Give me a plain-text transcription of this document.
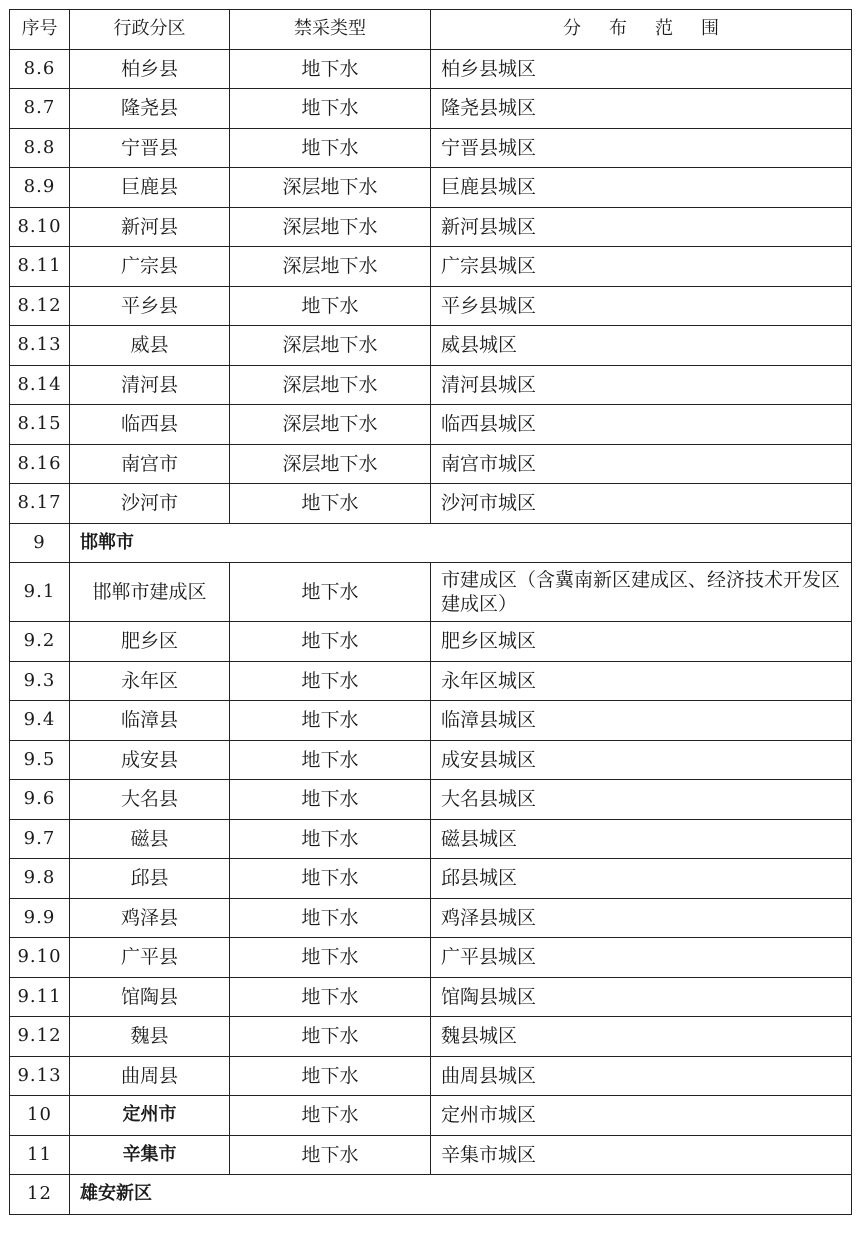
序号	行政分区	禁采类型	分布范围
8.6	柏乡县	地下水	柏乡县城区
8.7	隆尧县	地下水	隆尧县城区
8.8	宁晋县	地下水	宁晋县城区
8.9	巨鹿县	深层地下水	巨鹿县城区
8.10	新河县	深层地下水	新河县城区
8.11	广宗县	深层地下水	广宗县城区
8.12	平乡县	地下水	平乡县城区
8.13	威县	深层地下水	威县城区
8.14	清河县	深层地下水	清河县城区
8.15	临西县	深层地下水	临西县城区
8.16	南宫市	深层地下水	南宫市城区
8.17	沙河市	地下水	沙河市城区
9	邯郸市		
9.1	邯郸市建成区	地下水	市建成区（含冀南新区建成区、经济技术开发区建成区）
9.2	肥乡区	地下水	肥乡区城区
9.3	永年区	地下水	永年区城区
9.4	临漳县	地下水	临漳县城区
9.5	成安县	地下水	成安县城区
9.6	大名县	地下水	大名县城区
9.7	磁县	地下水	磁县城区
9.8	邱县	地下水	邱县城区
9.9	鸡泽县	地下水	鸡泽县城区
9.10	广平县	地下水	广平县城区
9.11	馆陶县	地下水	馆陶县城区
9.12	魏县	地下水	魏县城区
9.13	曲周县	地下水	曲周县城区
10	定州市	地下水	定州市城区
11	辛集市	地下水	辛集市城区
12	雄安新区		
